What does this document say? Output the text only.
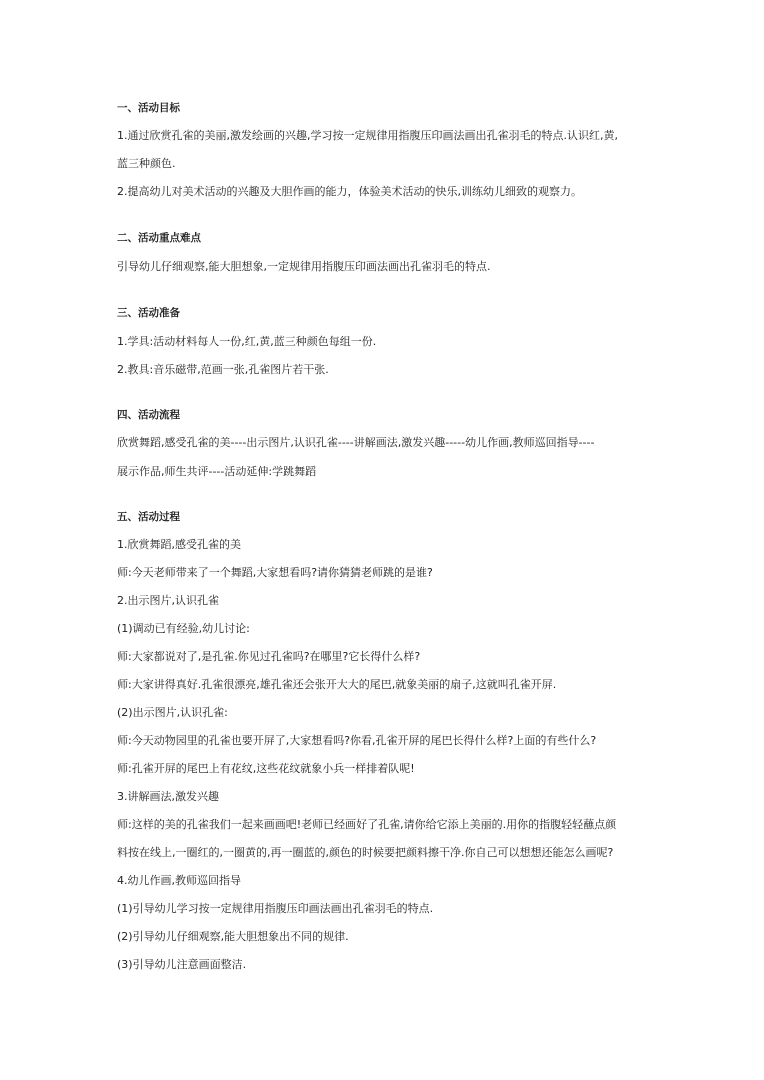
一、活动目标
1.通过欣赏孔雀的美丽,激发绘画的兴趣,学习按一定规律用指腹压印画法画出孔雀羽毛的特点.认识红,黄,
蓝三种颜色.
2.提高幼儿对美术活动的兴趣及大胆作画的能力，体验美术活动的快乐,训练幼儿细致的观察力。
二、活动重点难点
引导幼儿仔细观察,能大胆想象,一定规律用指腹压印画法画出孔雀羽毛的特点.
三、活动准备
1.学具:活动材料每人一份,红,黄,蓝三种颜色每组一份.
2.教具:音乐磁带,范画一张,孔雀图片若干张.
四、活动流程
欣赏舞蹈,感受孔雀的美----出示图片,认识孔雀----讲解画法,激发兴趣-----幼儿作画,教师巡回指导----
展示作品,师生共评----活动延伸:学跳舞蹈
五、活动过程
1.欣赏舞蹈,感受孔雀的美
师:今天老师带来了一个舞蹈,大家想看吗?请你猜猜老师跳的是谁?
2.出示图片,认识孔雀
(1)调动已有经验,幼儿讨论:
师:大家都说对了,是孔雀.你见过孔雀吗?在哪里?它长得什么样?
师:大家讲得真好.孔雀很漂亮,雄孔雀还会张开大大的尾巴,就象美丽的扇子,这就叫孔雀开屏.
(2)出示图片,认识孔雀:
师:今天动物园里的孔雀也要开屏了,大家想看吗?你看,孔雀开屏的尾巴长得什么样?上面的有些什么?
师:孔雀开屏的尾巴上有花纹,这些花纹就象小兵一样排着队呢!
3.讲解画法,激发兴趣
师:这样的美的孔雀我们一起来画画吧!老师已经画好了孔雀,请你给它添上美丽的.用你的指腹轻轻蘸点颜
料按在线上,一圈红的,一圈黄的,再一圈蓝的,颜色的时候要把颜料擦干净.你自己可以想想还能怎么画呢?
4.幼儿作画,教师巡回指导
(1)引导幼儿学习按一定规律用指腹压印画法画出孔雀羽毛的特点.
(2)引导幼儿仔细观察,能大胆想象出不同的规律.
(3)引导幼儿注意画面整洁.
